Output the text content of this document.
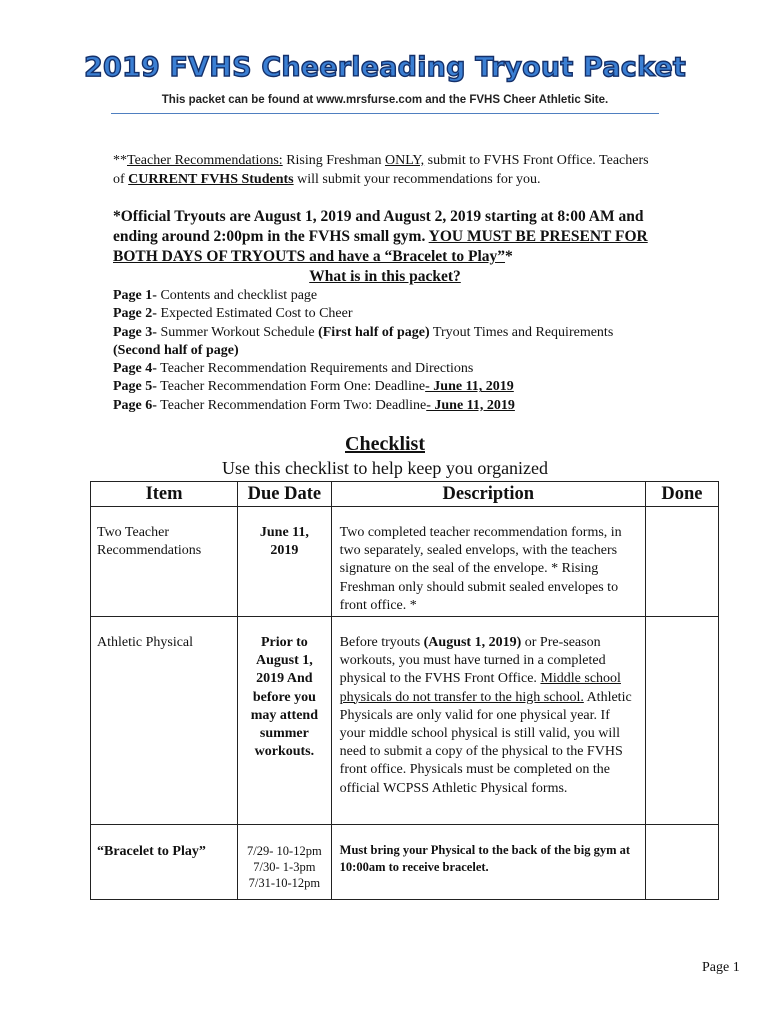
2019 FVHS Cheerleading Tryout Packet
This packet can be found at www.mrsfurse.com and the FVHS Cheer Athletic Site.
**Teacher Recommendations: Rising Freshman ONLY, submit to FVHS Front Office. Teachers of CURRENT FVHS Students will submit your recommendations for you.
*Official Tryouts are August 1, 2019 and August 2, 2019 starting at 8:00 AM and ending around 2:00pm in the FVHS small gym. YOU MUST BE PRESENT FOR BOTH DAYS OF TRYOUTS and have a “Bracelet to Play”*
What is in this packet?
Page 1- Contents and checklist page
Page 2- Expected Estimated Cost to Cheer
Page 3- Summer Workout Schedule (First half of page) Tryout Times and Requirements (Second half of page)
Page 4- Teacher Recommendation Requirements and Directions
Page 5- Teacher Recommendation Form One: Deadline- June 11, 2019
Page 6- Teacher Recommendation Form Two: Deadline- June 11, 2019
Checklist
Use this checklist to help keep you organized
Item	Due Date	Description	Done

Two Teacher Recommendations	June 11, 2019	Two completed teacher recommendation forms, in two separately, sealed envelops, with the teachers signature on the seal of the envelope. * Rising Freshman only should submit sealed envelopes to front office. *	

Athletic Physical	Prior to August 1, 2019 And before you may attend summer workouts.	Before tryouts (August 1, 2019) or Pre-season workouts, you must have turned in a completed physical to the FVHS Front Office. Middle school physicals do not transfer to the high school. Athletic Physicals are only valid for one physical year. If your middle school physical is still valid, you will need to submit a copy of the physical to the FVHS front office. Physicals must be completed on the official WCPSS Athletic Physical forms.	

“Bracelet to Play”	7/29- 10-12pm
7/30- 1-3pm
7/31-10-12pm	Must bring your Physical to the back of the big gym at 10:00am to receive bracelet.	

Page 1
